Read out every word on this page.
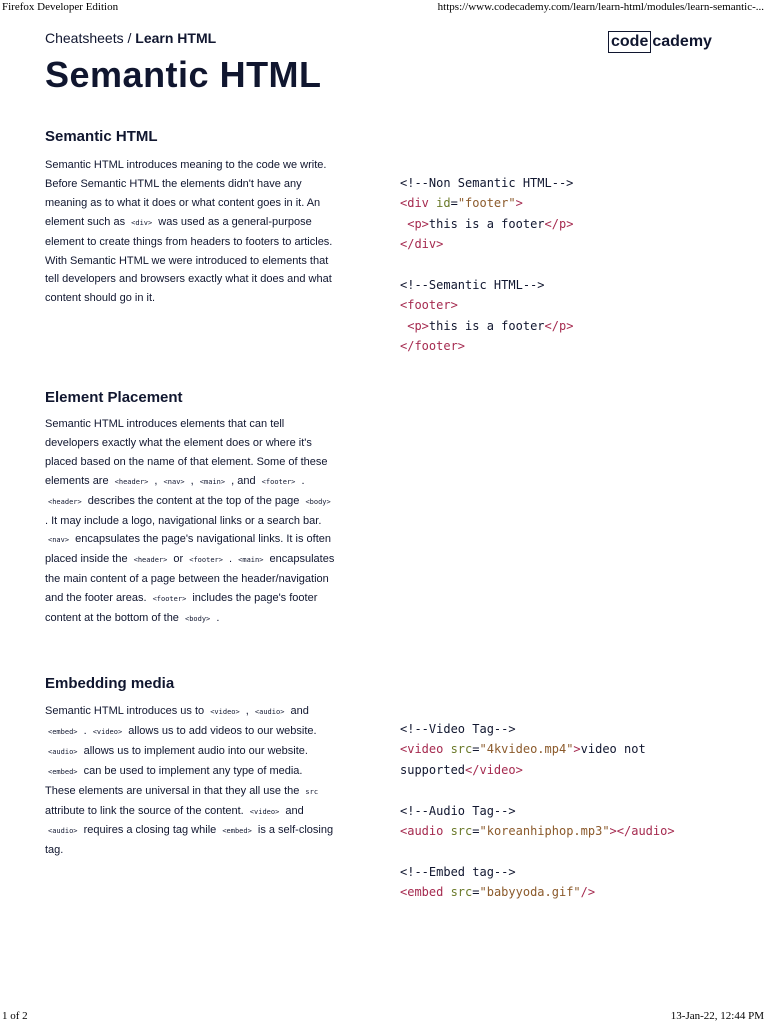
Firefox Developer Edition	https://www.codecademy.com/learn/learn-html/modules/learn-semantic-...
Cheatsheets / Learn HTML	code cademy
Semantic HTML
Semantic HTML

Semantic HTML introduces meaning to the code we write. Before Semantic HTML the elements didn't have any meaning as to what it does or what content goes in it. An element such as <div> was used as a general-purpose element to create things from headers to footers to articles. With Semantic HTML we were introduced to elements that tell developers and browsers exactly what it does and what content should go in it.

Element Placement

Semantic HTML introduces elements that can tell developers exactly what the element does or where it's placed based on the name of that element. Some of these elements are <header> , <nav> , <main> , and <footer> . <header> describes the content at the top of the page <body> . It may include a logo, navigational links or a search bar. <nav> encapsulates the page's navigational links. It is often placed inside the <header> or <footer> . <main> encapsulates the main content of a page between the header/navigation and the footer areas. <footer> includes the page's footer content at the bottom of the <body> .

Embedding media

Semantic HTML introduces us to <video> , <audio> and <embed> . <video> allows us to add videos to our website. <audio> allows us to implement audio into our website. <embed> can be used to implement any type of media. These elements are universal in that they all use the src attribute to link the source of the content. <video> and <audio> requires a closing tag while <embed> is a self-closing tag.

<!--Non Semantic HTML-->
<div id="footer">
<p>this is a footer</p>
</div>

<!--Semantic HTML-->
<footer>
<p>this is a footer</p>
</footer>
<!--Video Tag-->
<video src="4kvideo.mp4">video not
supported</video>

<!--Audio Tag-->
<audio src="koreanhiphop.mp3"></audio>

<!--Embed tag-->
<embed src="babyyoda.gif"/>
1 of 2	13-Jan-22, 12:44 PM
